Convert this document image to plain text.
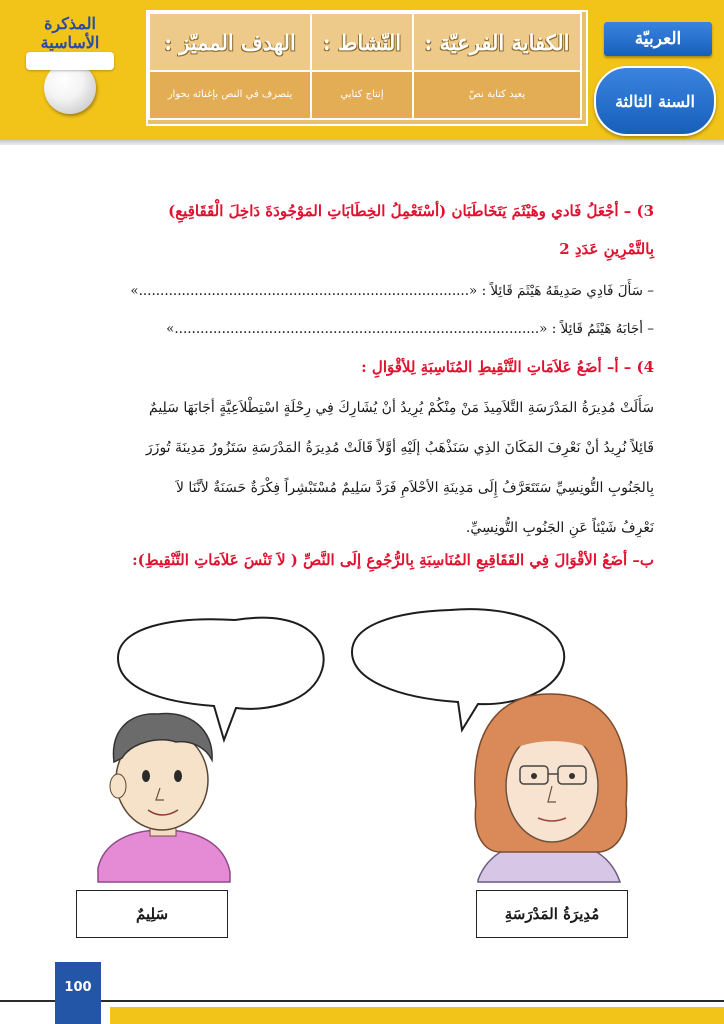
المذكرة الأساسية	الكفاية الفرعيّة :
النّشاط :
الهدف المميّز :
يعيد كتابة نصّ
إنتاج كتابي
يتصرف في النص بإغنائه بحوار
العربيّة
السنة الثالثة
3) – أجْعَلُ فَادي وهَيْثَمَ يَتَخَاطَبَان (أسْتَعْمِلُ الخِطَابَاتِ المَوْجُودَةَ دَاخِلَ الْقَقَاقِيعِ)
بِالتَّمْرِينِ عَدَدِ 2
– سَأَلَ فَادِي صَدِيقَهُ هَيْثَمَ قَائِلاً : «.............................................................................»
– أجَابَهُ هَيْثَمُ قَائِلاً : «.....................................................................................»
4) – أ– أضَعُ عَلاَمَاتِ التَّنْقِيطِ المُنَاسِبَةِ لِلأقْوَالِ :
سَأَلَتْ مُدِيرَةُ المَدْرَسَةِ التَّلاَمِيذَ مَنْ مِنْكُمْ يُرِيدُ أنْ يُشَارِكَ فِي رِحْلَةٍ اسْتِطْلاَعِيَّةٍ أجَابَهَا سَلِيمٌ
قَائِلاً نُرِيدُ أنْ نَعْرِفَ المَكَانَ الذِي سَنَذْهَبُ إلَيْهِ أوَّلاً قَالَتْ مُدِيرَةُ المَدْرَسَةِ سَتَزُورُ مَدِينَةَ تُوزَرَ
بِالجَنُوبِ التُّونِسِيِّ سَتَتَعَرَّفُ إِلَى مَدِينَةِ الأحْلاَمِ فَرَدَّ سَلِيمٌ مُسْتَبْشِراً فِكْرَةٌ حَسَنَةٌ لأنَّنَا لاَ
نَعْرِفُ شَيْئاً عَنِ الجَنُوبِ التُّونِسِيِّ.
ب– أضَعُ الأقْوَالَ فِي القَقَاقِيعِ المُنَاسِبَةِ بِالرُّجُوعِ إلَى النَّصِّ ( لاَ تَنْسَ عَلاَمَاتِ التَّنْقِيطِ):
سَلِيمٌ	مُدِيرَةُ المَدْرَسَةِ
100
